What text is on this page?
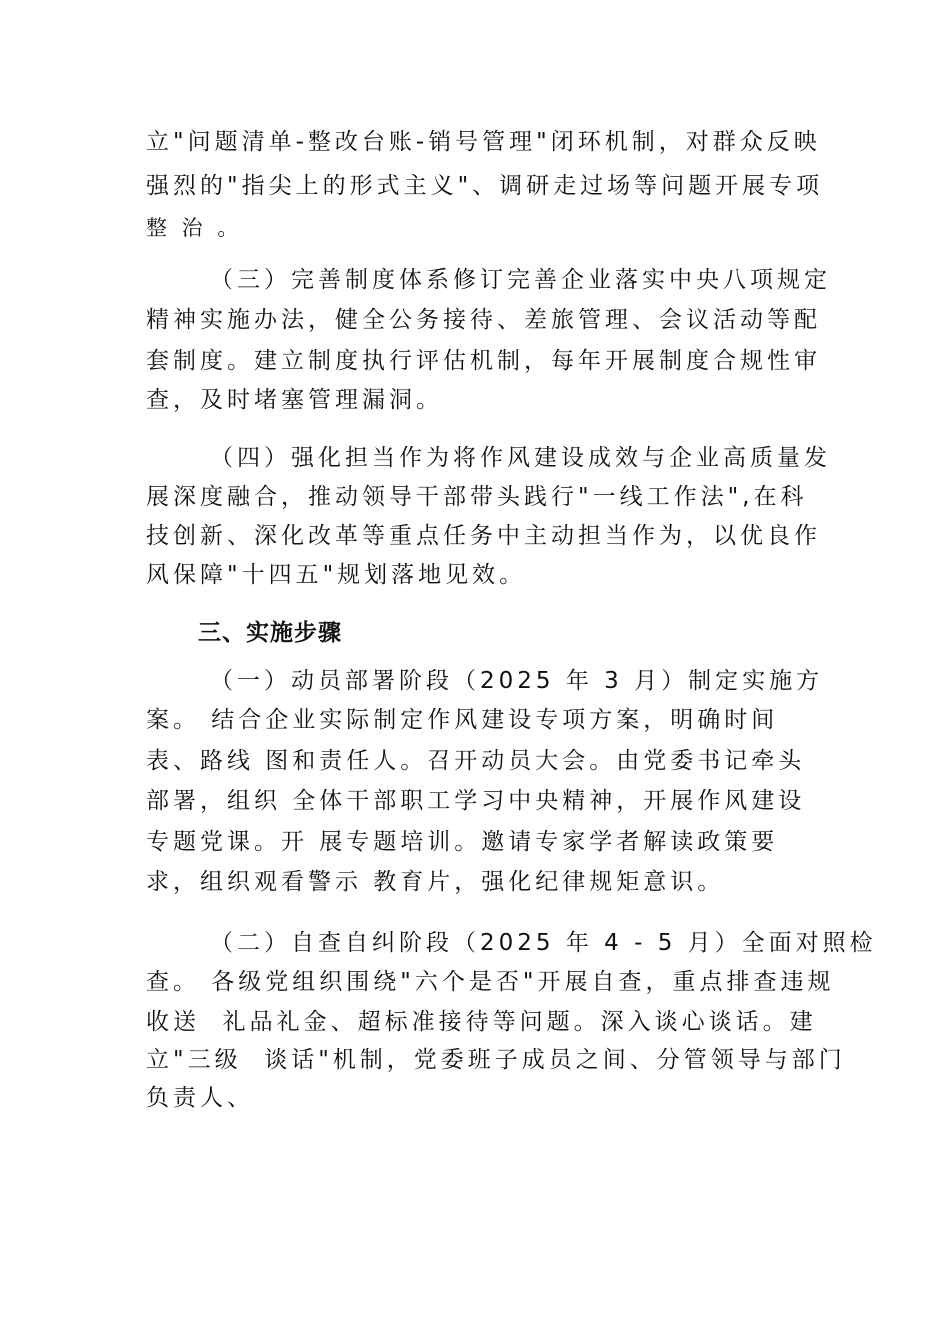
立"问题清单-整改台账-销号管理"闭环机制，对群众反映
强烈的"指尖上的形式主义"、调研走过场等问题开展专项
整 治 。
（三）完善制度体系修订完善企业落实中央八项规定
精神实施办法，健全公务接待、差旅管理、会议活动等配
套制度。建立制度执行评估机制，每年开展制度合规性审
查，及时堵塞管理漏洞。
（四）强化担当作为将作风建设成效与企业高质量发
展深度融合，推动领导干部带头践行"一线工作法",在科
技创新、深化改革等重点任务中主动担当作为，以优良作
风保障"十四五"规划落地见效。
三、实施步骤
（一）动员部署阶段（2025 年 3 月）制定实施方
案。 结合企业实际制定作风建设专项方案，明确时间
表、路线 图和责任人。召开动员大会。由党委书记牵头
部署，组织 全体干部职工学习中央精神，开展作风建设
专题党课。开 展专题培训。邀请专家学者解读政策要
求，组织观看警示 教育片，强化纪律规矩意识。
（二）自查自纠阶段（2025 年 4 - 5 月）全面对照检
查。 各级党组织围绕"六个是否"开展自查，重点排查违规
收送  礼品礼金、超标准接待等问题。深入谈心谈话。建
立"三级  谈话"机制，党委班子成员之间、分管领导与部门
负责人、
